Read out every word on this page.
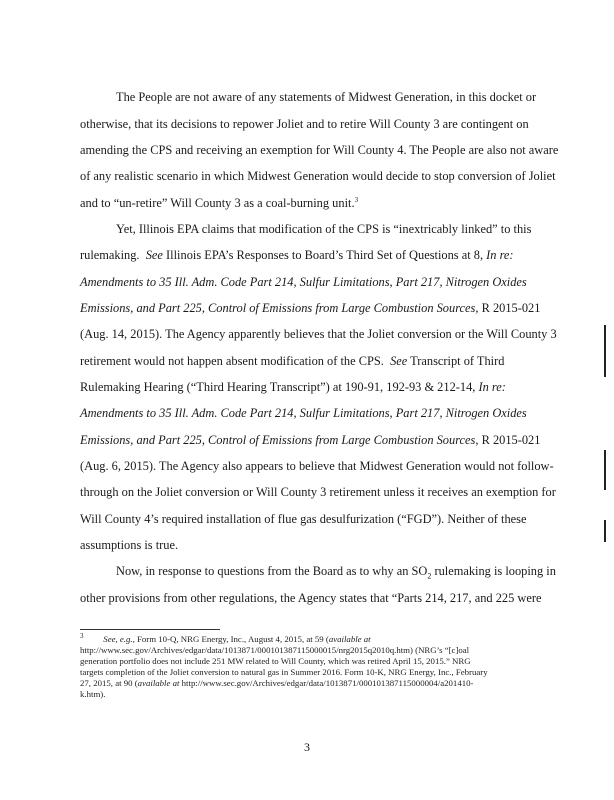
The People are not aware of any statements of Midwest Generation, in this docket or
otherwise, that its decisions to repower Joliet and to retire Will County 3 are contingent on
amending the CPS and receiving an exemption for Will County 4. The People are also not aware
of any realistic scenario in which Midwest Generation would decide to stop conversion of Joliet
and to “un-retire” Will County 3 as a coal-burning unit.$^3$
Yet, Illinois EPA claims that modification of the CPS is “inextricably linked” to this
rulemaking. See Illinois EPA’s Responses to Board’s Third Set of Questions at 8, In re:
Amendments to 35 Ill. Adm. Code Part 214, Sulfur Limitations, Part 217, Nitrogen Oxides
Emissions, and Part 225, Control of Emissions from Large Combustion Sources, R 2015-021
(Aug. 14, 2015). The Agency apparently believes that the Joliet conversion or the Will County 3
retirement would not happen absent modification of the CPS. See Transcript of Third
Rulemaking Hearing (“Third Hearing Transcript”) at 190-91, 192-93 & 212-14, In re:
Amendments to 35 Ill. Adm. Code Part 214, Sulfur Limitations, Part 217, Nitrogen Oxides
Emissions, and Part 225, Control of Emissions from Large Combustion Sources, R 2015-021
(Aug. 6, 2015). The Agency also appears to believe that Midwest Generation would not follow-
through on the Joliet conversion or Will County 3 retirement unless it receives an exemption for
Will County 4’s required installation of flue gas desulfurization (“FGD”). Neither of these
assumptions is true.
Now, in response to questions from the Board as to why an $SO_2$ rulemaking is looping in
other provisions from other regulations, the Agency states that “Parts 214, 217, and 225 were
$^3$ See, e.g., Form 10-Q, NRG Energy, Inc., August 4, 2015, at 59 (available at
http://www.sec.gov/Archives/edgar/data/1013871/000101387115000015/nrg2015q2010q.htm) (NRG’s “[c]oal
generation portfolio does not include 251 MW related to Will County, which was retired April 15, 2015.” NRG
targets completion of the Joliet conversion to natural gas in Summer 2016. Form 10-K, NRG Energy, Inc., February
27, 2015, at 90 (available at http://www.sec.gov/Archives/edgar/data/1013871/000101387115000004/a201410-
k.htm).
3
